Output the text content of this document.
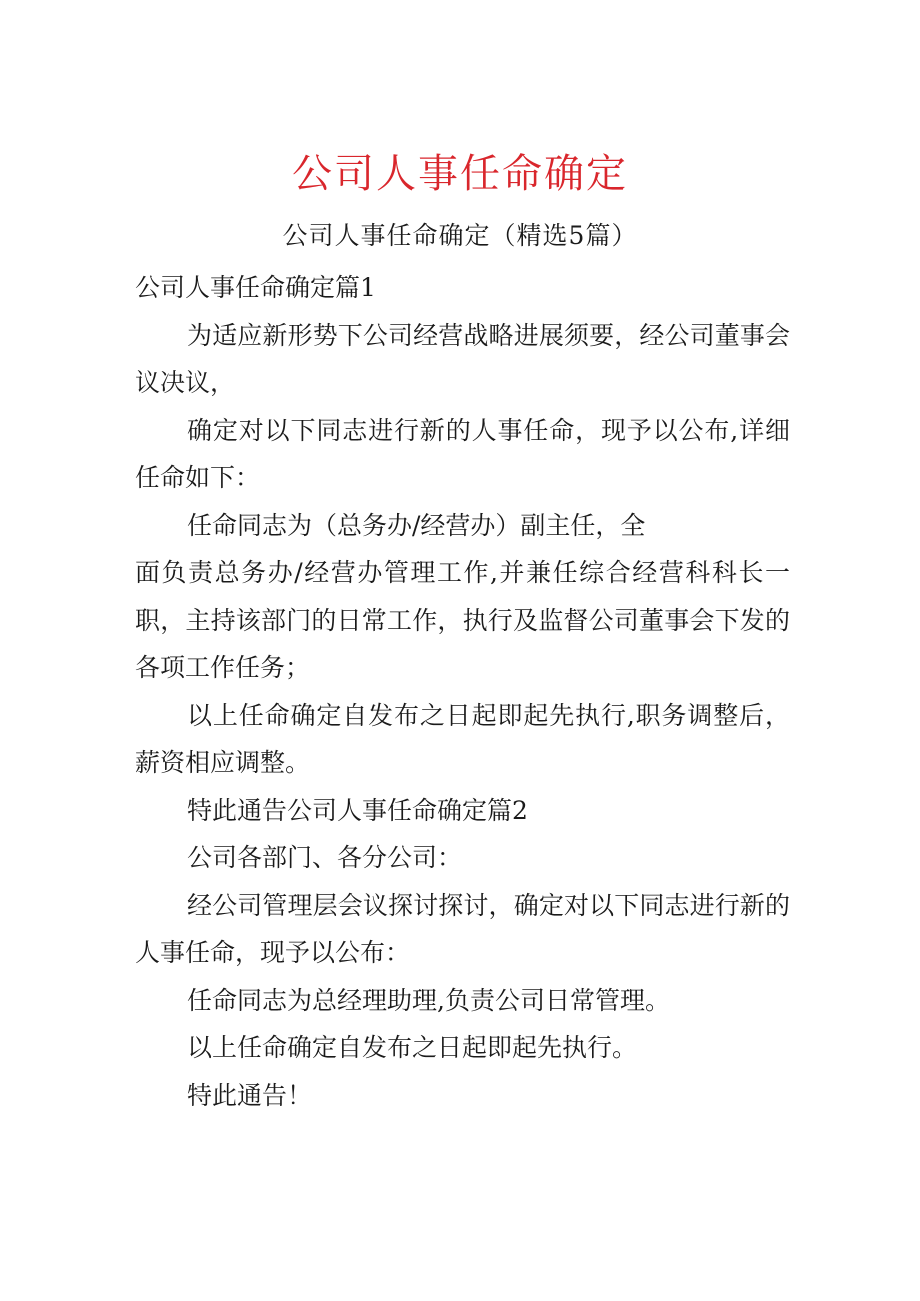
公司人事任命确定
公司人事任命确定（精选5篇）

公司人事任命确定篇1

为适应新形势下公司经营战略进展须要，经公司董事会议决议，

确定对以下同志进行新的人事任命，现予以公布,详细任命如下：

任命同志为（总务办/经营办）副主任，全

面负责总务办/经营办管理工作,并兼任综合经营科科长一职，主持该部门的日常工作，执行及监督公司董事会下发的各项工作任务；

以上任命确定自发布之日起即起先执行,职务调整后，薪资相应调整。

特此通告公司人事任命确定篇2

公司各部门、各分公司：

经公司管理层会议探讨探讨，确定对以下同志进行新的人事任命，现予以公布：

任命同志为总经理助理,负责公司日常管理。

以上任命确定自发布之日起即起先执行。

特此通告！
